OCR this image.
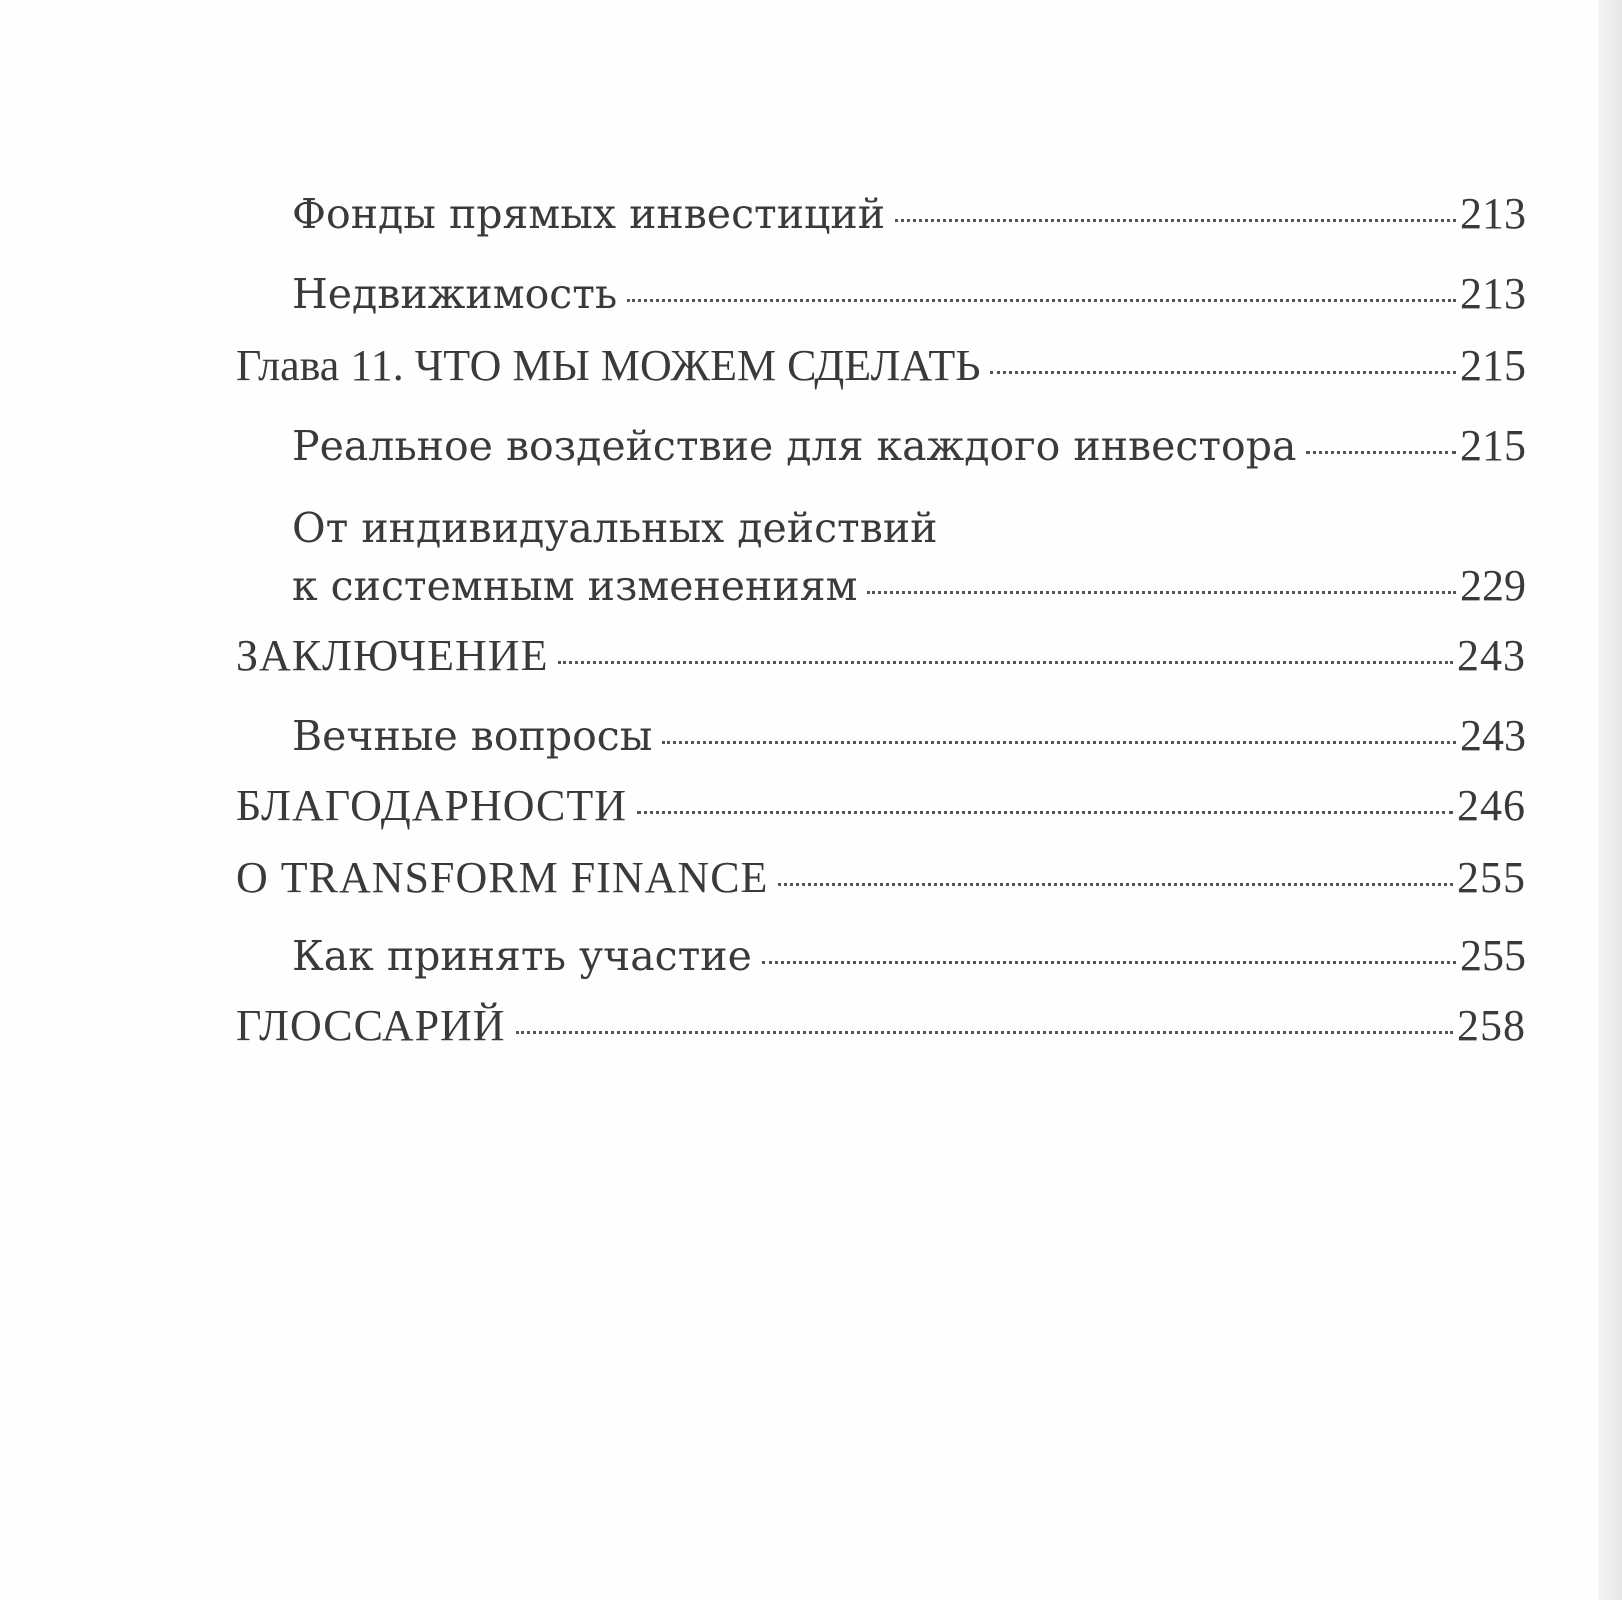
Фонды прямых инвестиций	213
Недвижимость	213
Глава 11. ЧТО МЫ МОЖЕМ СДЕЛАТЬ	215
Реальное воздействие для каждого инвестора	215
От индивидуальных действий
к системным изменениям	229
ЗАКЛЮЧЕНИЕ	243
Вечные вопросы	243
БЛАГОДАРНОСТИ	246
О TRANSFORM FINANCE	255
Как принять участие	255
ГЛОССАРИЙ	258
